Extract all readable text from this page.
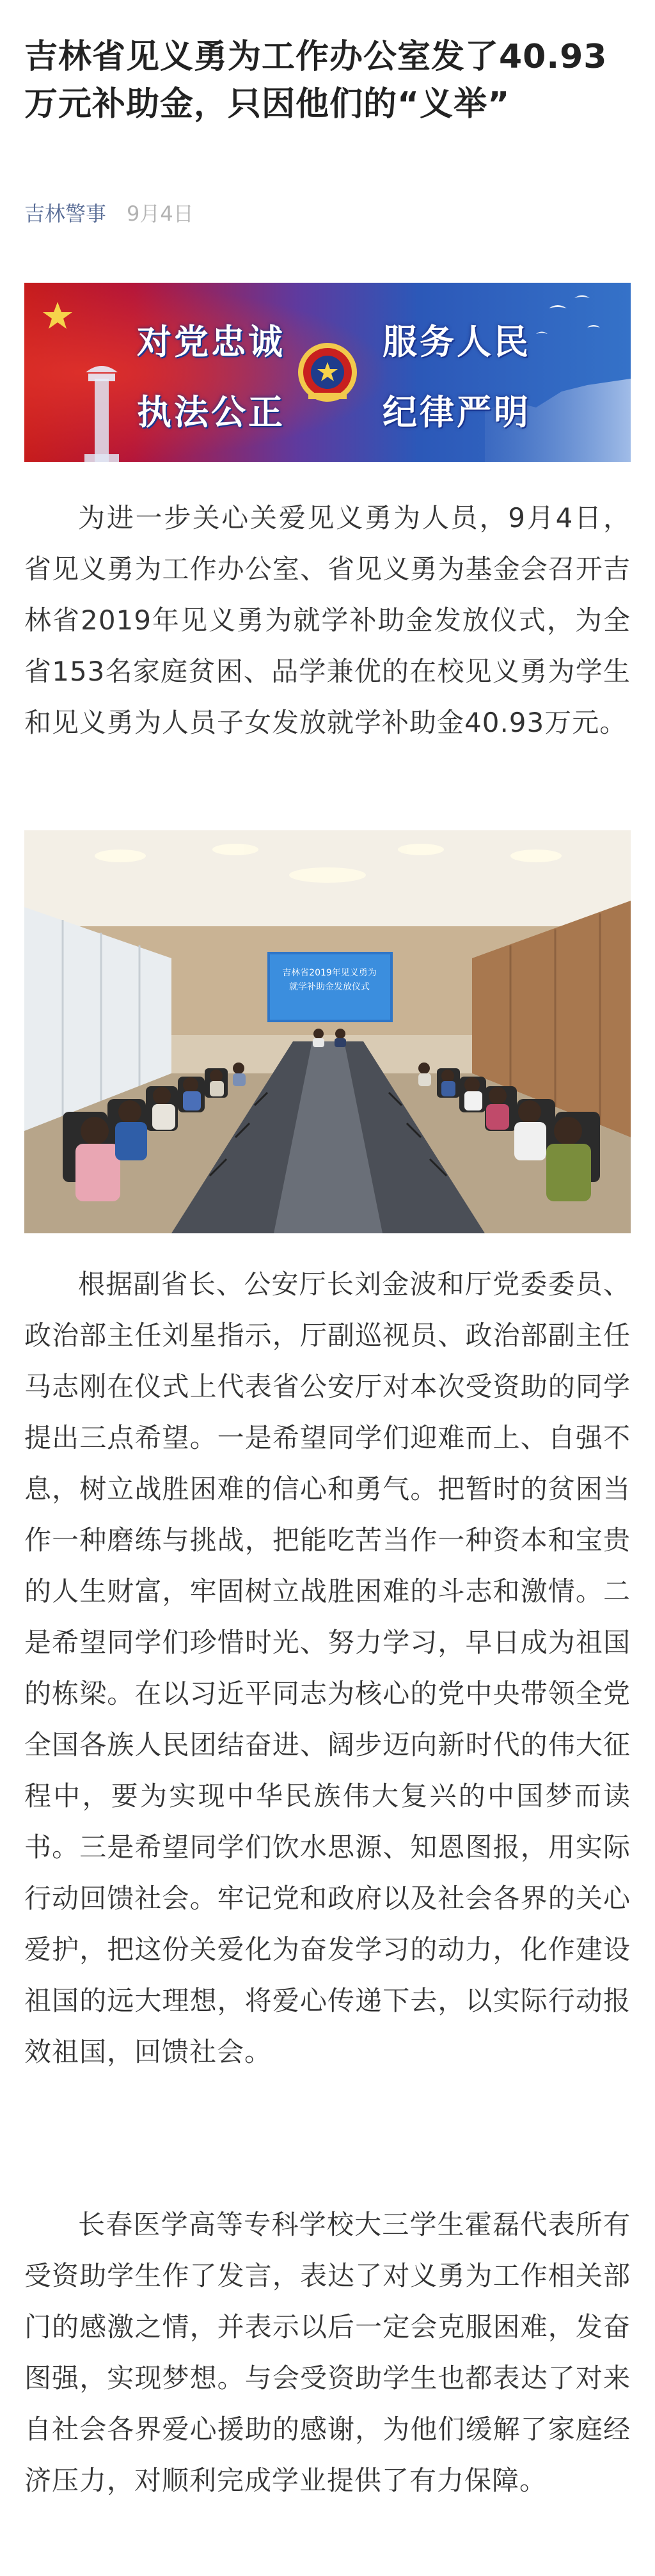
吉林省见义勇为工作办公室发了40.93万元补助金，只因他们的“义举”
吉林警事 9月4日
对党忠诚
执法公正
服务人民
纪律严明

为进一步关心关爱见义勇为人员，9月4日，省见义勇为工作办公室、省见义勇为基金会召开吉林省2019年见义勇为就学补助金发放仪式，为全省153名家庭贫困、品学兼优的在校见义勇为学生和见义勇为人员子女发放就学补助金40.93万元。

吉林省2019年见义勇为
就学补助金发放仪式

根据副省长、公安厅长刘金波和厅党委委员、政治部主任刘星指示，厅副巡视员、政治部副主任马志刚在仪式上代表省公安厅对本次受资助的同学提出三点希望。一是希望同学们迎难而上、自强不息，树立战胜困难的信心和勇气。把暂时的贫困当作一种磨练与挑战，把能吃苦当作一种资本和宝贵的人生财富，牢固树立战胜困难的斗志和激情。二是希望同学们珍惜时光、努力学习，早日成为祖国的栋梁。在以习近平同志为核心的党中央带领全党全国各族人民团结奋进、阔步迈向新时代的伟大征程中，要为实现中华民族伟大复兴的中国梦而读书。三是希望同学们饮水思源、知恩图报，用实际行动回馈社会。牢记党和政府以及社会各界的关心爱护，把这份关爱化为奋发学习的动力，化作建设祖国的远大理想，将爱心传递下去，以实际行动报效祖国，回馈社会。

长春医学高等专科学校大三学生霍磊代表所有受资助学生作了发言，表达了对义勇为工作相关部门的感激之情，并表示以后一定会克服困难，发奋图强，实现梦想。与会受资助学生也都表达了对来自社会各界爱心援助的感谢，为他们缓解了家庭经济压力，对顺利完成学业提供了有力保障。
